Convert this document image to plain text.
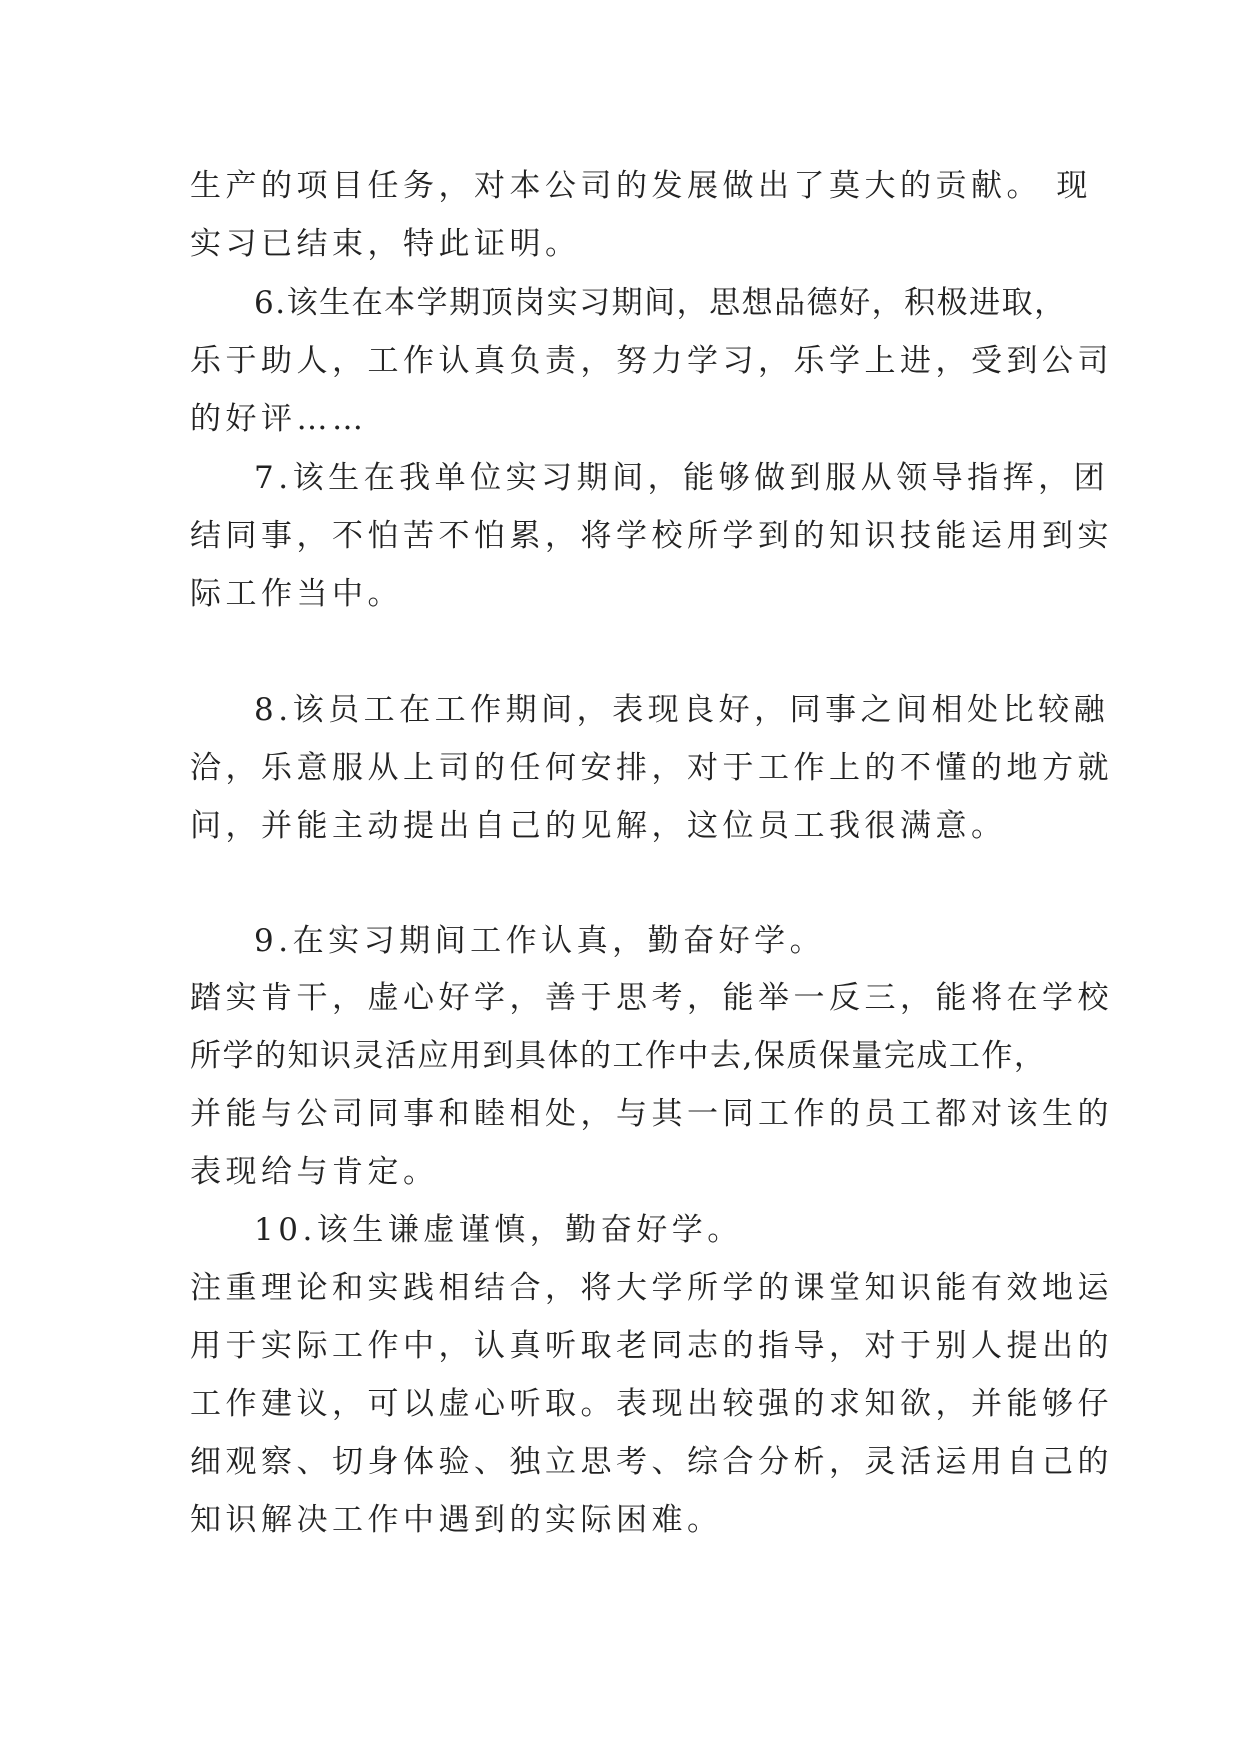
生产的项目任务，对本公司的发展做出了莫大的贡献。 现
实习已结束，特此证明。
6.该生在本学期顶岗实习期间，思想品德好，积极进取，
乐于助人，工作认真负责，努力学习，乐学上进，受到公司
的好评……
7.该生在我单位实习期间，能够做到服从领导指挥，团
结同事，不怕苦不怕累，将学校所学到的知识技能运用到实
际工作当中。
8.该员工在工作期间，表现良好，同事之间相处比较融
洽，乐意服从上司的任何安排，对于工作上的不懂的地方就
问，并能主动提出自己的见解，这位员工我很满意。
9.在实习期间工作认真，勤奋好学。
踏实肯干，虚心好学，善于思考，能举一反三，能将在学校
所学的知识灵活应用到具体的工作中去,保质保量完成工作，
并能与公司同事和睦相处，与其一同工作的员工都对该生的
表现给与肯定。
10.该生谦虚谨慎，勤奋好学。
注重理论和实践相结合，将大学所学的课堂知识能有效地运
用于实际工作中，认真听取老同志的指导，对于别人提出的
工作建议，可以虚心听取。表现出较强的求知欲，并能够仔
细观察、切身体验、独立思考、综合分析，灵活运用自己的
知识解决工作中遇到的实际困难。
